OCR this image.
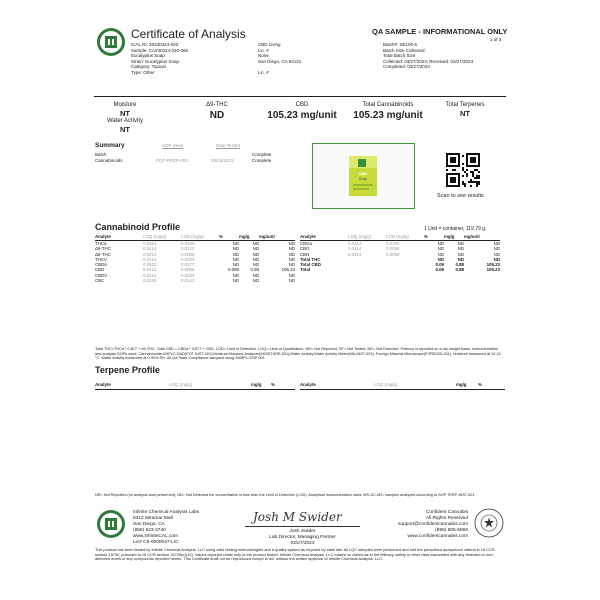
Certificate of Analysis	QA SAMPLE - INFORMATIONAL ONLY
1 of 3
ICAL ID: 20230324-020
Sample: CA230324-020-066
Eucalyptus Soap
Strain: Eucalyptus Soap
Category: Topical
Type: Other
CBD Living
Lic. #
None
San Diego, CA 92121
Lic. #
Batch#: SE100-6
Batch Size Collected:
Total Batch Size:
Collected: 03/27/2023; Received: 03/27/2023
Completed: 03/27/2023
Moisture
NT
Water Activity
NT
Δ9-THC
ND
CBD
105.23 mg/unit
Total Cannabinoids
105.23 mg/unit
Total Terpenes
NT
Summary	SOP Used	Date Tested
Batch	Complete
Cannabinoids	POT-PREP-003	03/24/2023	Complete
CBD
Soap
Scan to see results
Cannabinoid Profile	1 Unit = container, 119.79 g.
Analyte	LOQ (mg/g)	LOD (mg/g)	%	mg/g	mg/unit
THCa	0.0481	0.0160	ND	ND	ND
Δ9-THC	0.0414	0.0122	ND	ND	ND
Δ8-THC	0.0414	0.0066	ND	ND	ND
THCV	0.0414	0.0053	ND	ND	ND
CBDa	0.0532	0.0177	ND	ND	ND
CBD	0.0414	0.0066	0.088	0.88	105.23
CBDV	0.0414	0.0053	ND	ND	ND
CBC	0.0425	0.0142	ND	ND	ND
Analyte	LOQ (mg/g)	LOD (mg/g)	%	mg/g	mg/unit
CBGa	0.0414	0.0100	ND	ND	ND
CBG	0.0414	0.0056	ND	ND	ND
CBN	0.0414	0.0089	ND	ND	ND
Total THC			ND	ND	ND
Total CBD			0.09	0.88	105.23
Total			0.09	0.88	105.23
Total THC=THCa * 0.877 + d9-THC. Total CBD = CBDa * 0.877 + CBD. LOD= Limit of Detection, LOQ= Limit of Quantitation, NR= Not Reported, NT= Not Tested, ND= Not Detected. Potency is reported on a dry weight basis. Instrumentation and analysis SOPs used: Cannabinoids:UHPLC-DAD(POT-INST-001);Moisture:Moisture Analyzer(MOISTURE-001);Water Activity:Water Activity Meter(WA-INST-001); Foreign Material:Microscope(FOREIGN-001). Moisture measured at 10-24 °C. Water Activity measured at 0-90% RH. All QA State Compliance sampled using SAMPL-SOP-001.
Terpene Profile
Analyte	LOQ (mg/g)	mg/g %	Analyte	LOQ (mg/g)	mg/g	%
NR= Not Reported (no analysis was performed); ND= Not Detected the concentration is less than the Limit of Detection (LOD). Analytical Instrumentation used: MS-GC-MS; samples analyzed according to SOP TERP-INST-001
Infinite Chemical Analysis Labs
8312 Miramar Mall
San Diego, CA
(858) 623-2740
www.infiniteCAL.com
Lic# C8-0000047-LIC
Josh M Swider
Josh Swider
Lab Director, Managing Partner
03/27/2023
Confident Cannabis
All Rights Reserved
support@confidentcannabis.com
(866) 506-5866
www.confidentcannabis.com
This product has been tested by Infinite Chemical Analysis, LLC using valid testing methodologies and a quality system as required by state law. All LQC samples were performed and met the prescribed acceptance criteria in 16 CCR section 15730, pursuant to 16 CCR section 15726(e)(13). Values reported relate only to the product tested. Infinite Chemical Analysis, LLC makes no claims as to the efficacy, safety or other risks associated with any detected or non-detected levels of any compounds reported herein. This Certificate shall not be reproduced except in full, without the written approval of Infinite Chemical Analysis, LLC.
